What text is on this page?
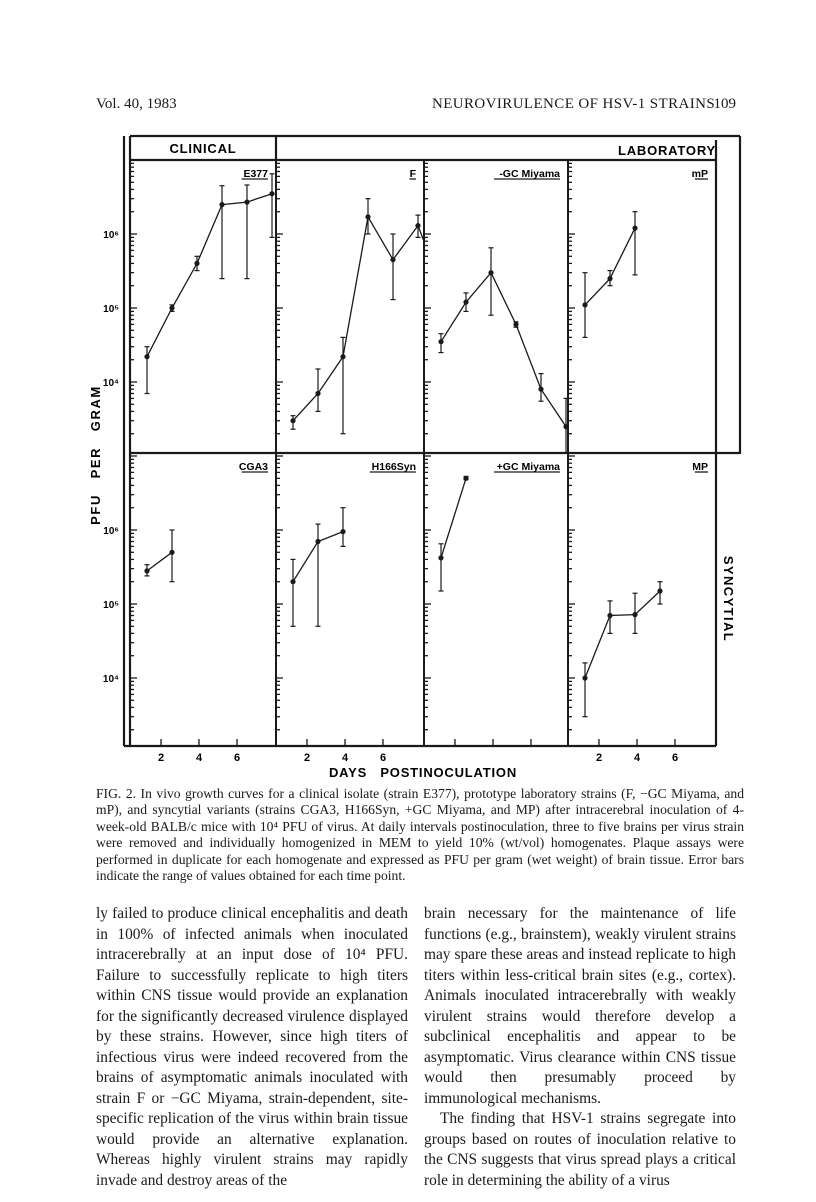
Vol. 40, 1983	NEUROVIRULENCE OF HSV-1 STRAINS
109
10⁶
10⁵
10⁴
10⁶
10⁵
10⁴
2	4	6	2	4	6	2	4	6
CLINICAL	LABORATORY
SYNCYTIAL
PFU   PER   GRAM
DAYS   POSTINOCULATION
E377	F	-GC Miyama	mP
CGA3	H166Syn	+GC Miyama	MP

FIG. 2. In vivo growth curves for a clinical isolate (strain E377), prototype laboratory strains (F, −GC Miyama, and mP), and syncytial variants (strains CGA3, H166Syn, +GC Miyama, and MP) after intracerebral inoculation of 4-week-old BALB/c mice with 10⁴ PFU of virus. At daily intervals postinoculation, three to five brains per virus strain were removed and individually homogenized in MEM to yield 10% (wt/vol) homogenates. Plaque assays were performed in duplicate for each homogenate and expressed as PFU per gram (wet weight) of brain tissue. Error bars indicate the range of values obtained for each time point.

ly failed to produce clinical encephalitis and death in 100% of infected animals when inoculated intracerebrally at an input dose of 10⁴ PFU. Failure to successfully replicate to high titers within CNS tissue would provide an explanation for the significantly decreased virulence displayed by these strains. However, since high titers of infectious virus were indeed recovered from the brains of asymptomatic animals inoculated with strain F or −GC Miyama, strain-dependent, site-specific replication of the virus within brain tissue would provide an alternative explanation. Whereas highly virulent strains may rapidly invade and destroy areas of the

brain necessary for the maintenance of life functions (e.g., brainstem), weakly virulent strains may spare these areas and instead replicate to high titers within less-critical brain sites (e.g., cortex). Animals inoculated intracerebrally with weakly virulent strains would therefore develop a subclinical encephalitis and appear to be asymptomatic. Virus clearance within CNS tissue would then presumably proceed by immunological mechanisms.

The finding that HSV-1 strains segregate into groups based on routes of inoculation relative to the CNS suggests that virus spread plays a critical role in determining the ability of a virus
